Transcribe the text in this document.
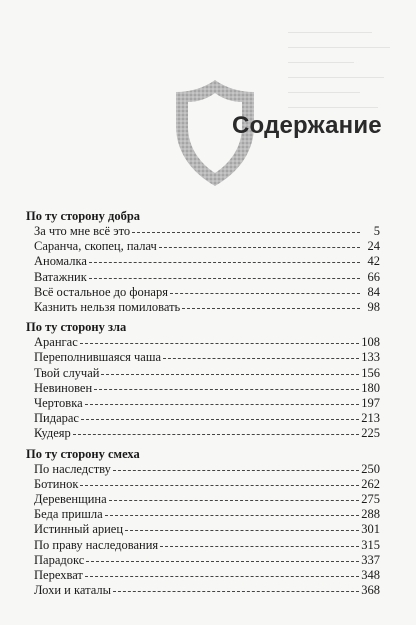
Содержание
По ту сторону добра
За что мне всё это	5
Саранча, скопец, палач	24
Аномалка	42
Ватажник	66
Всё остальное до фонаря	84
Казнить нельзя помиловать	98
По ту сторону зла
Арангас	108
Переполнившаяся чаша	133
Твой случай	156
Невиновен	180
Чертовка	197
Пидарас	213
Кудеяр	225
По ту сторону смеха
По наследству	250
Ботинок	262
Деревенщина	275
Беда пришла	288
Истинный ариец	301
По праву наследования	315
Парадокс	337
Перехват	348
Лохи и каталы	368
